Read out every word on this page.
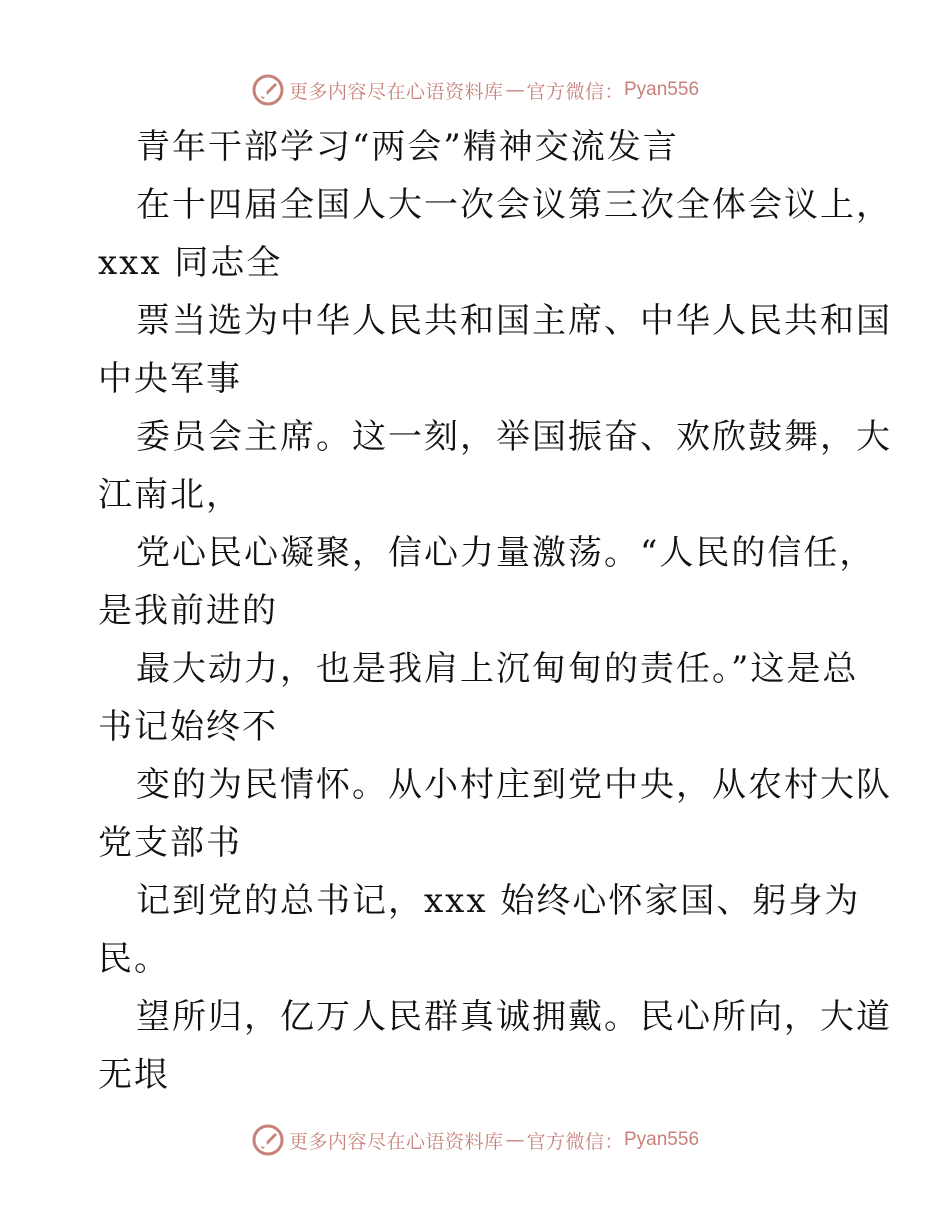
更多内容尽在心语资料库 — 官方微信： Pyan556
青年干部学习“两会”精神交流发言
在十四届全国人大一次会议第三次全体会议上，
xxx 同志全
票当选为中华人民共和国主席、中华人民共和国
中央军事
委员会主席。这一刻，举国振奋、欢欣鼓舞，大
江南北，
党心民心凝聚，信心力量激荡。“人民的信任，
是我前进的
最大动力，也是我肩上沉甸甸的责任。”这是总
书记始终不
变的为民情怀。从小村庄到党中央，从农村大队
党支部书
记到党的总书记，xxx 始终心怀家国、躬身为
民。
望所归，亿万人民群真诚拥戴。民心所向，大道
无垠
更多内容尽在心语资料库 — 官方微信： Pyan556
